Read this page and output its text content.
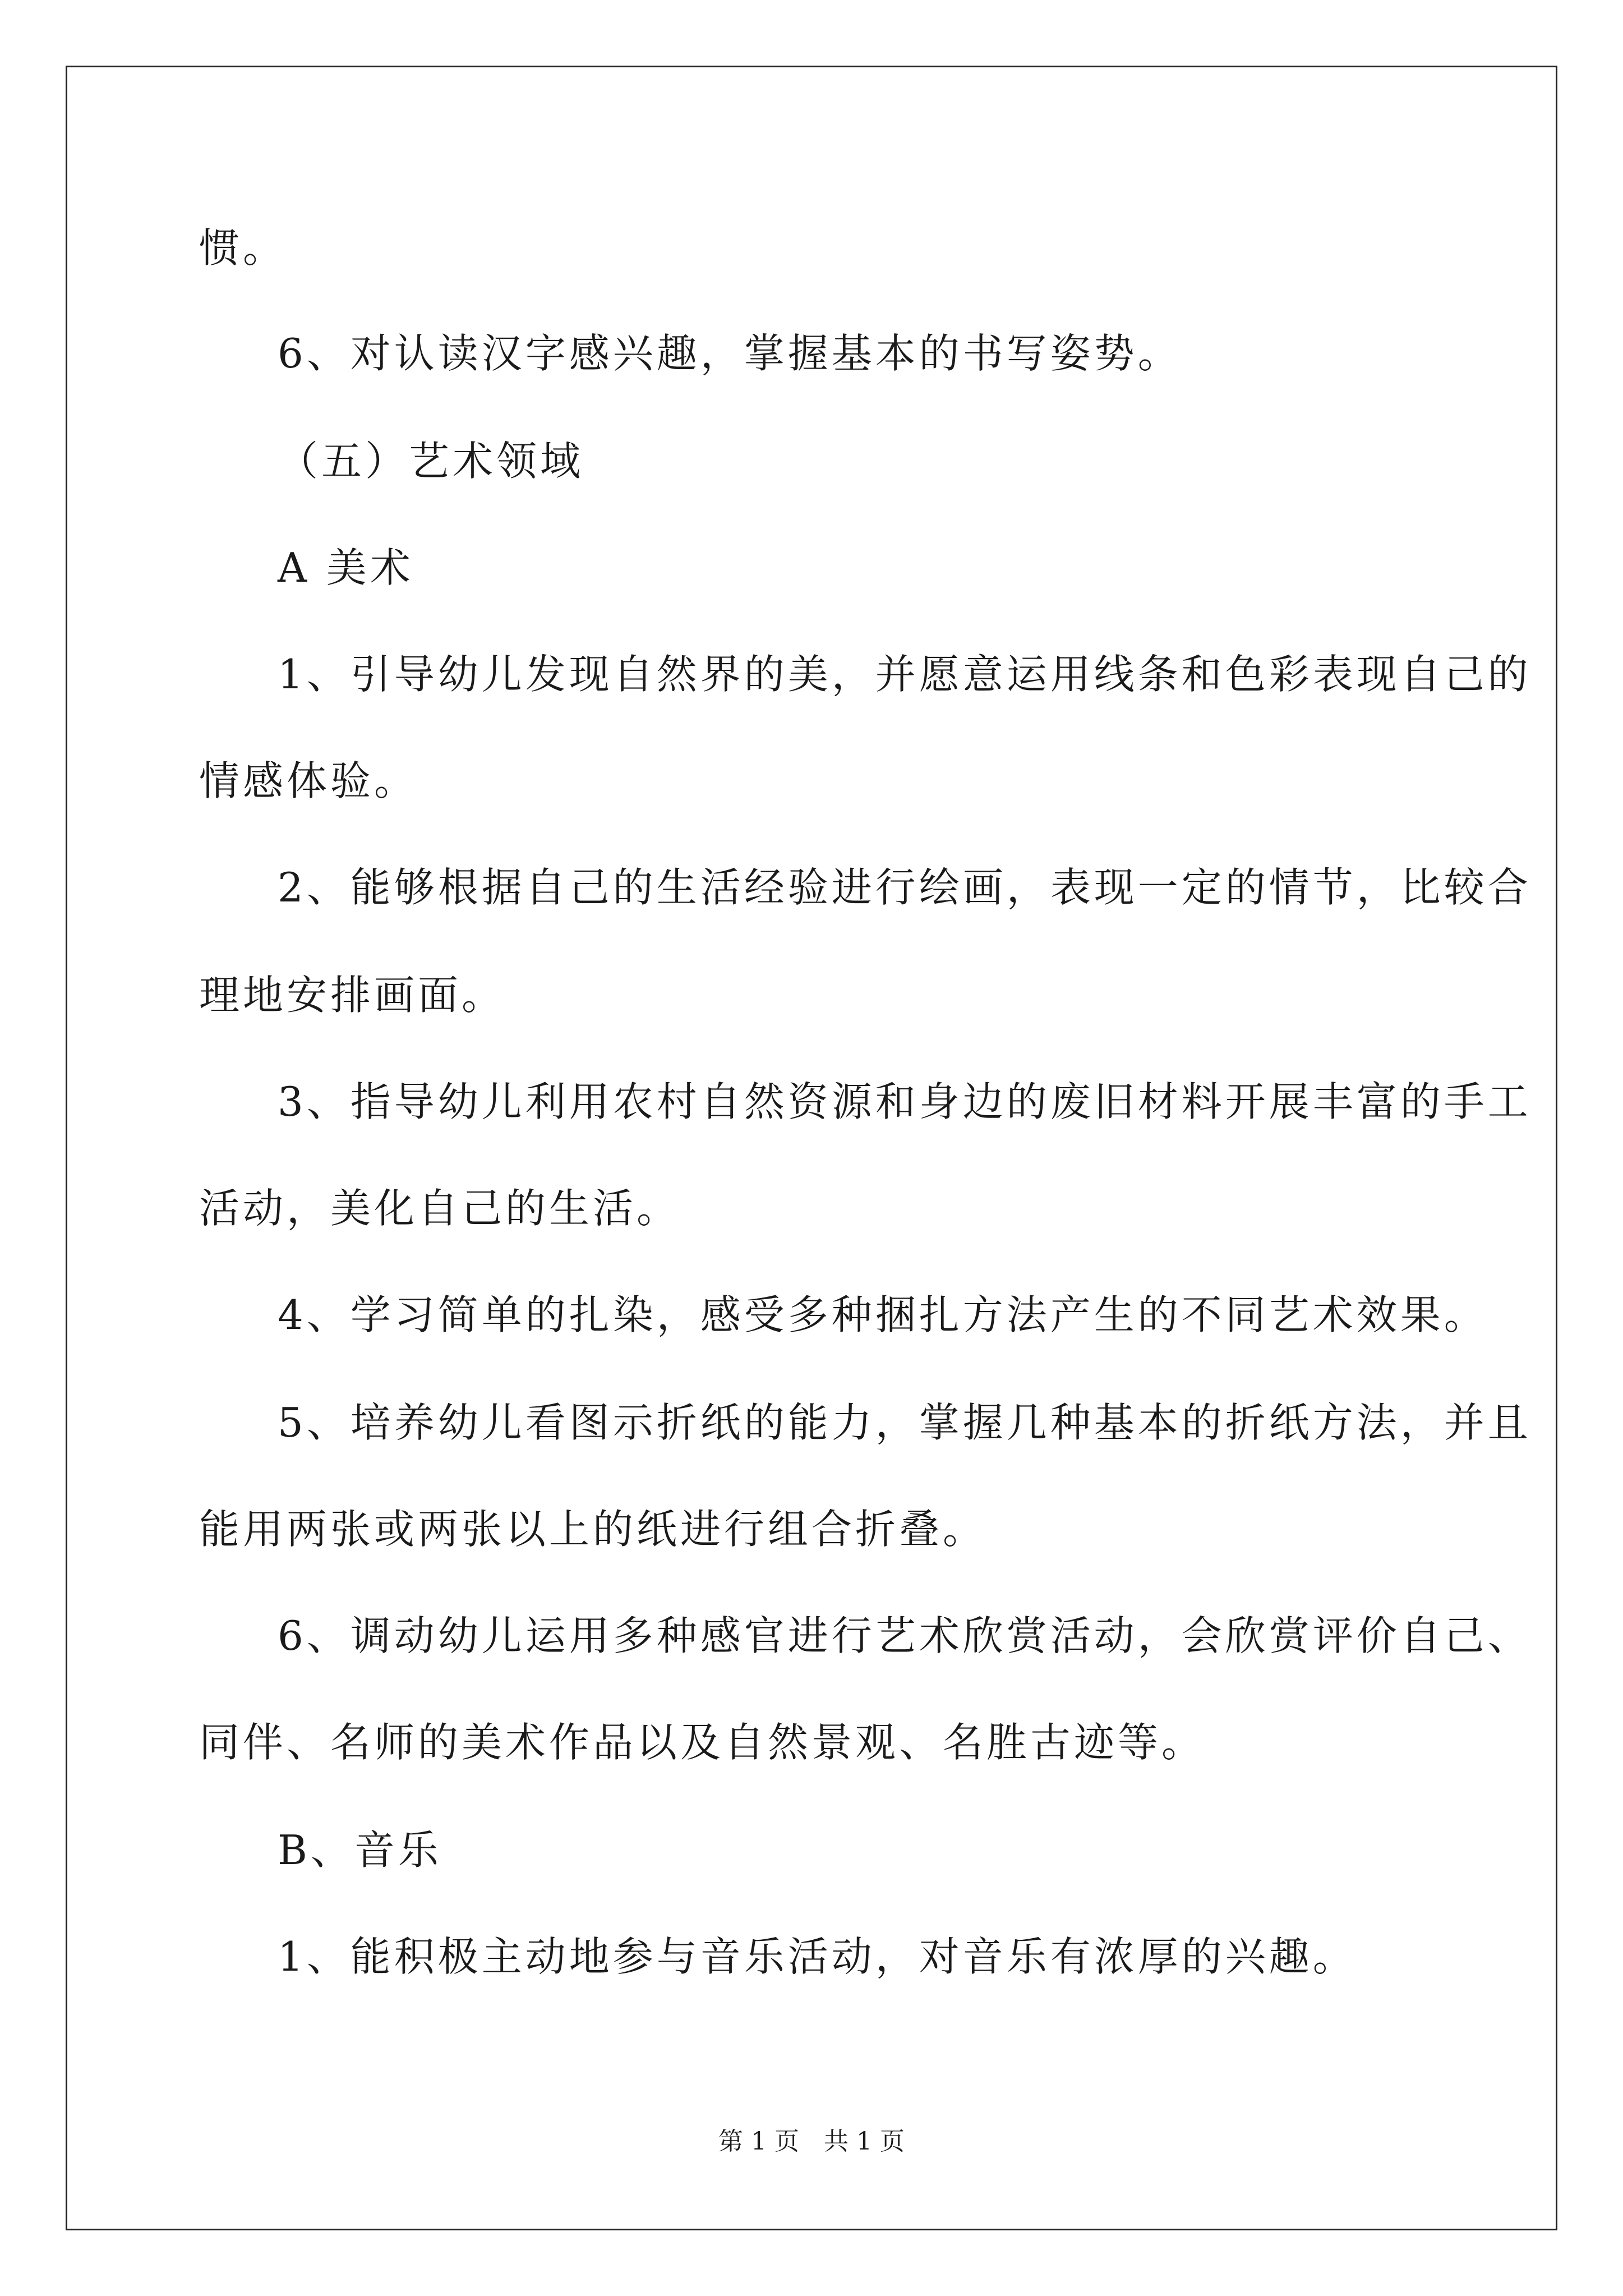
惯。
6、对认读汉字感兴趣，掌握基本的书写姿势。
（五）艺术领域
A 美术
1、引导幼儿发现自然界的美，并愿意运用线条和色彩表现自己的
情感体验。
2、能够根据自己的生活经验进行绘画，表现一定的情节，比较合
理地安排画面。
3、指导幼儿利用农村自然资源和身边的废旧材料开展丰富的手工
活动，美化自己的生活。
4、学习简单的扎染，感受多种捆扎方法产生的不同艺术效果。
5、培养幼儿看图示折纸的能力，掌握几种基本的折纸方法，并且
能用两张或两张以上的纸进行组合折叠。
6、调动幼儿运用多种感官进行艺术欣赏活动，会欣赏评价自己、
同伴、名师的美术作品以及自然景观、名胜古迹等。
B、音乐
1、能积极主动地参与音乐活动，对音乐有浓厚的兴趣。
第 1 页　共 1 页
